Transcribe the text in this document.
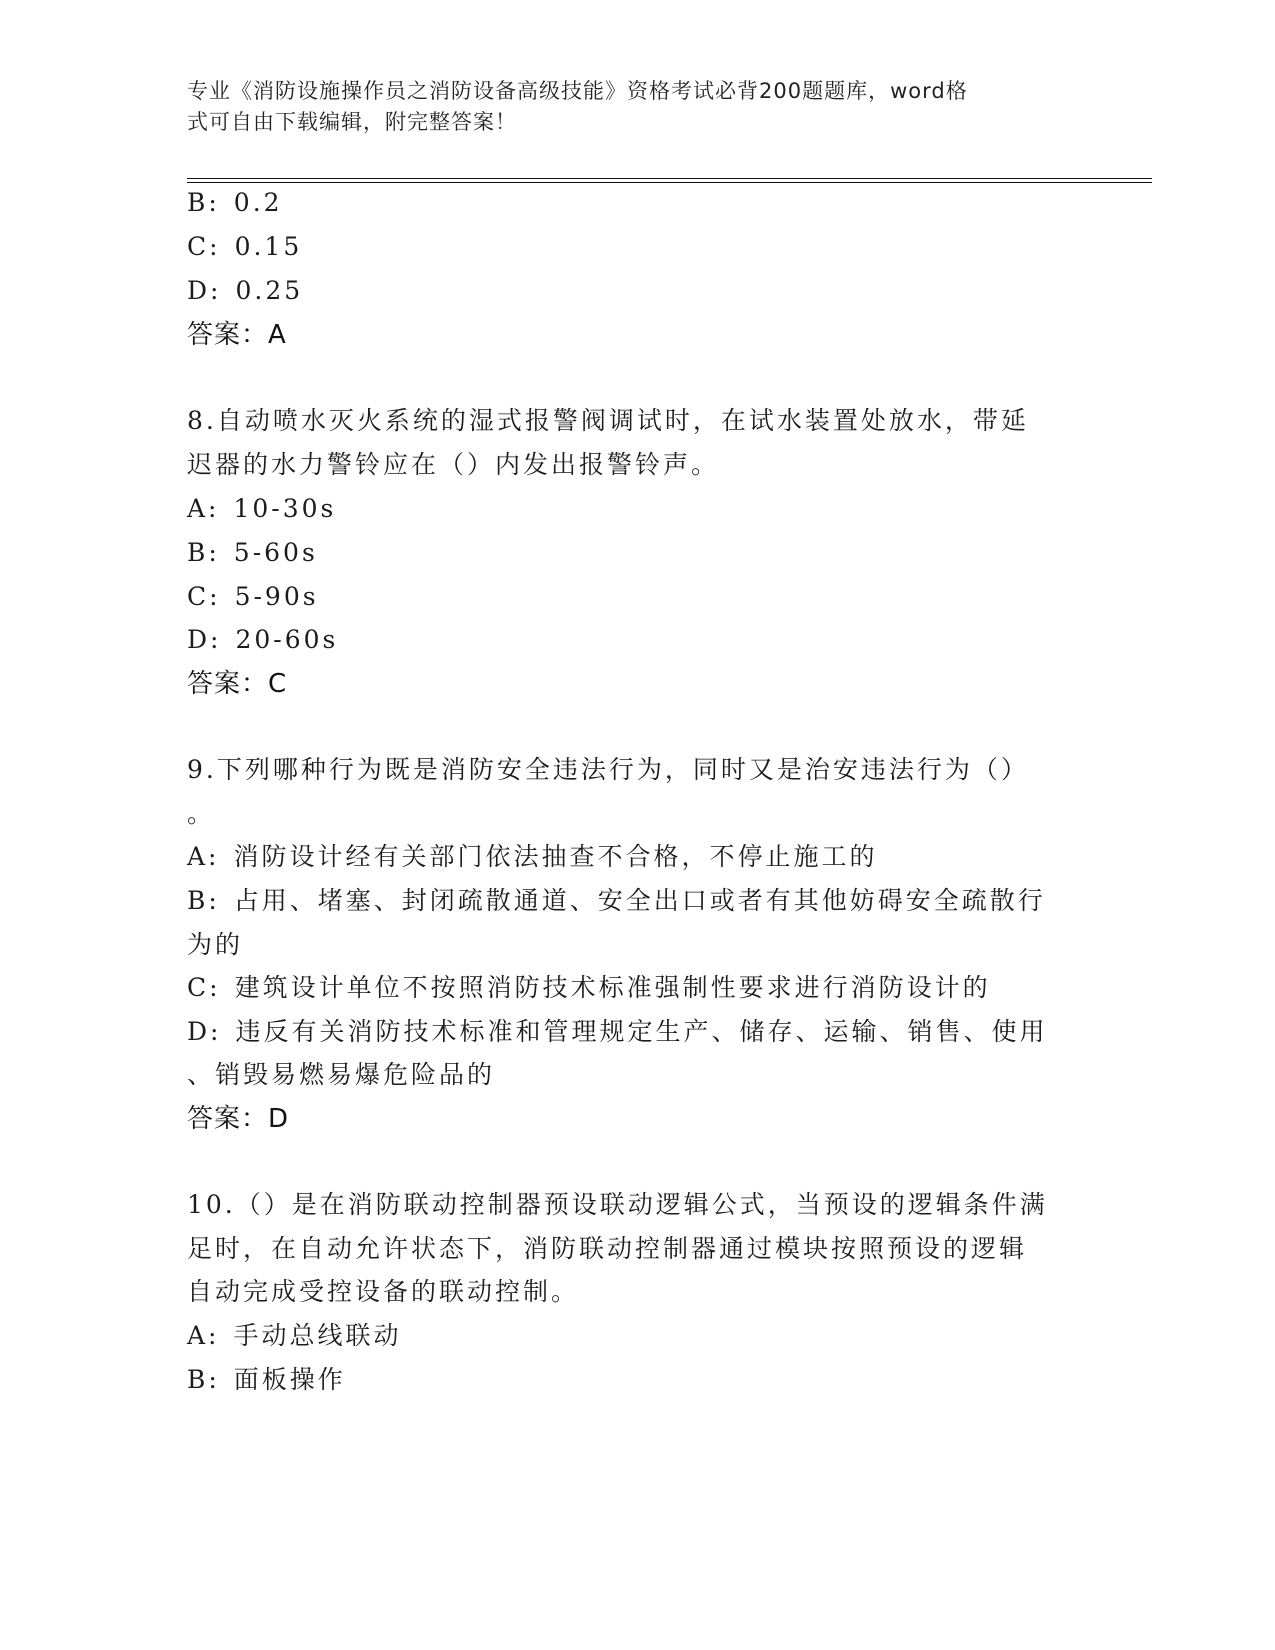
专业《消防设施操作员之消防设备高级技能》资格考试必背200题题库，word格
式可自由下载编辑，附完整答案！
B: 0.2
C: 0.15
D: 0.25
答案：A
8.自动喷水灭火系统的湿式报警阀调试时，在试水装置处放水，带延
迟器的水力警铃应在（）内发出报警铃声。
A: 10-30s
B: 5-60s
C: 5-90s
D: 20-60s
答案：C
9.下列哪种行为既是消防安全违法行为，同时又是治安违法行为（）
。
A: 消防设计经有关部门依法抽查不合格，不停止施工的
B: 占用、堵塞、封闭疏散通道、安全出口或者有其他妨碍安全疏散行
为的
C: 建筑设计单位不按照消防技术标准强制性要求进行消防设计的
D: 违反有关消防技术标准和管理规定生产、储存、运输、销售、使用
、销毁易燃易爆危险品的
答案：D
10.（）是在消防联动控制器预设联动逻辑公式，当预设的逻辑条件满
足时，在自动允许状态下，消防联动控制器通过模块按照预设的逻辑
自动完成受控设备的联动控制。
A: 手动总线联动
B: 面板操作
